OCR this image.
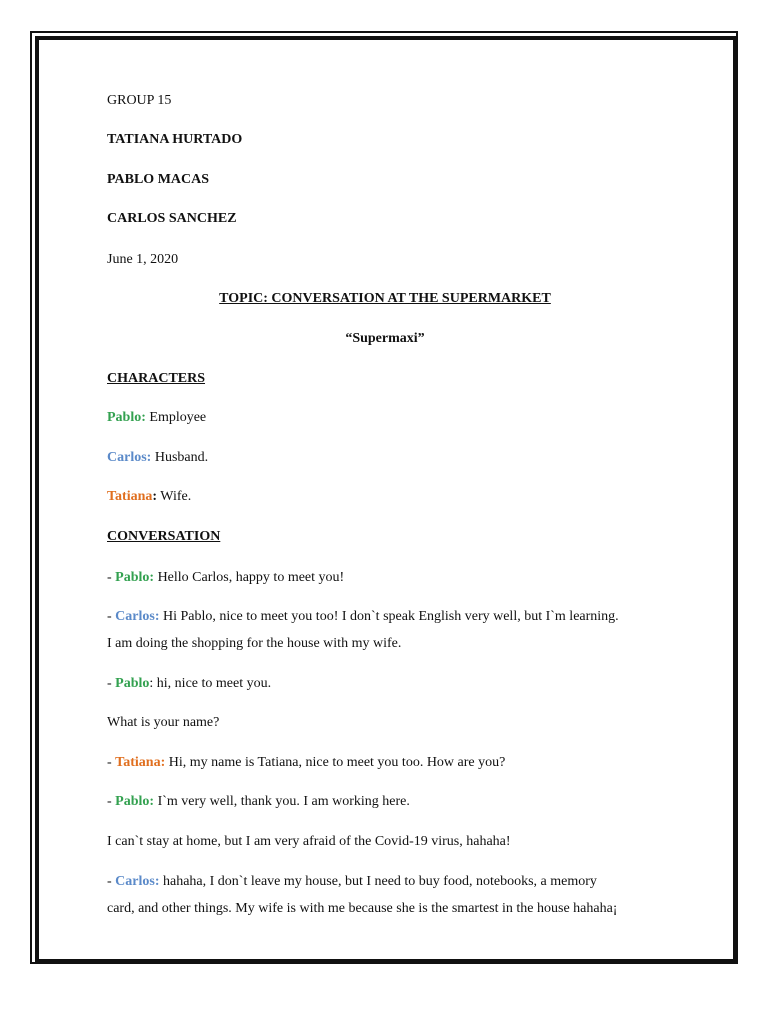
GROUP 15
TATIANA HURTADO
PABLO MACAS
CARLOS SANCHEZ
June 1, 2020
TOPIC: CONVERSATION AT THE SUPERMARKET
“Supermaxi”
CHARACTERS
Pablo: Employee
Carlos: Husband.
Tatiana: Wife.
CONVERSATION
- Pablo: Hello Carlos, happy to meet you!
- Carlos: Hi Pablo, nice to meet you too! I don`t speak English very well, but I`m learning.
I am doing the shopping for the house with my wife.
- Pablo: hi, nice to meet you.
What is your name?
- Tatiana: Hi, my name is Tatiana, nice to meet you too. How are you?
- Pablo: I`m very well, thank you. I am working here.
I can`t stay at home, but I am very afraid of the Covid-19 virus, hahaha!
- Carlos: hahaha, I don`t leave my house, but I need to buy food, notebooks, a memory
card, and other things. My wife is with me because she is the smartest in the house hahaha¡
